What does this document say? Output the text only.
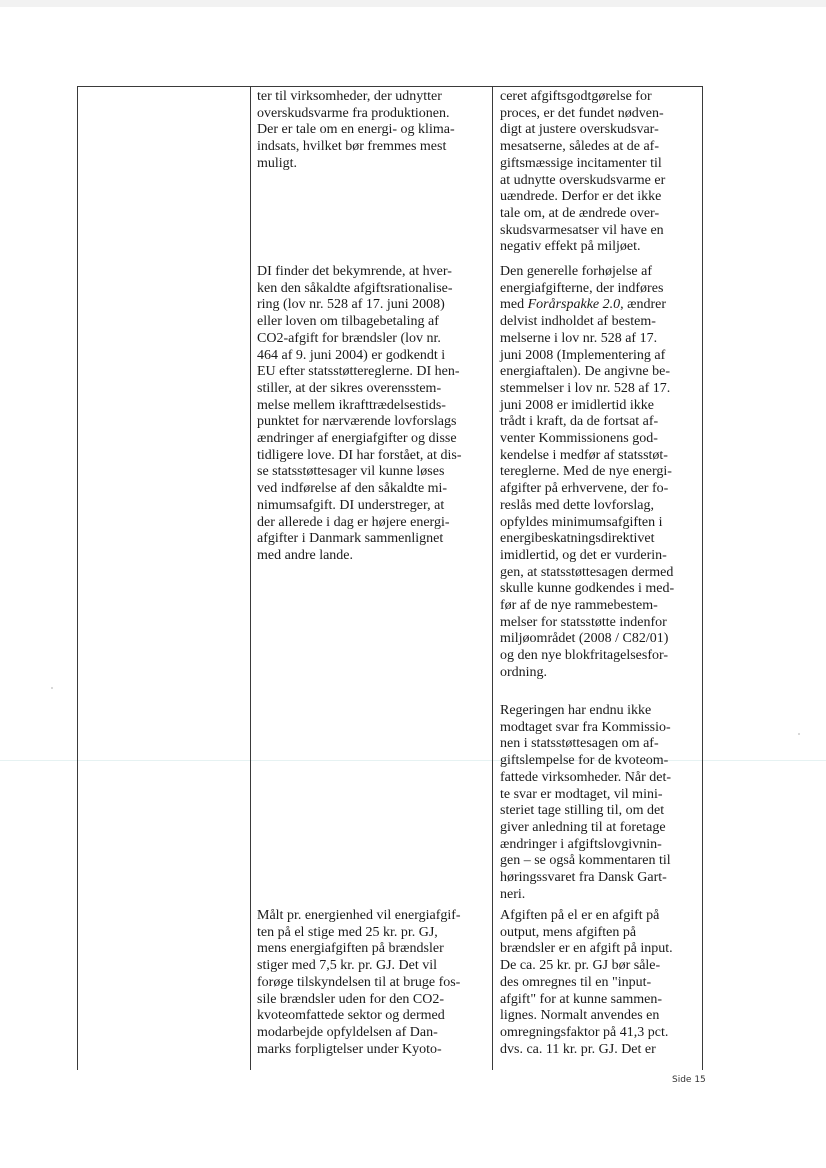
ter til virksomheder, der udnytter

overskudsvarme fra produktionen.

Der er tale om en energi- og klima-

indsats, hvilket bør fremmes mest

muligt.

ceret afgiftsgodtgørelse for

proces, er det fundet nødven-

digt at justere overskudsvar-

mesatserne, således at de af-

giftsmæssige incitamenter til

at udnytte overskudsvarme er

uændrede. Derfor er det ikke

tale om, at de ændrede over-

skudsvarmesatser vil have en

negativ effekt på miljøet.

DI finder det bekymrende, at hver-

ken den såkaldte afgiftsrationalise-

ring (lov nr. 528 af 17. juni 2008)

eller loven om tilbagebetaling af

CO2-afgift for brændsler (lov nr.

464 af 9. juni 2004) er godkendt i

EU efter statsstøttereglerne. DI hen-

stiller, at der sikres overensstem-

melse mellem ikrafttrædelsestids-

punktet for nærværende lovforslags

ændringer af energiafgifter og disse

tidligere love. DI har forstået, at dis-

se statsstøttesager vil kunne løses

ved indførelse af den såkaldte mi-

nimumsafgift. DI understreger, at

der allerede i dag er højere energi-

afgifter i Danmark sammenlignet

med andre lande.

Den generelle forhøjelse af

energiafgifterne, der indføres

med Forårspakke 2.0, ændrer

delvist indholdet af bestem-

melserne i lov nr. 528 af 17.

juni 2008 (Implementering af

energiaftalen). De angivne be-

stemmelser i lov nr. 528 af 17.

juni 2008 er imidlertid ikke

trådt i kraft, da de fortsat af-

venter Kommissionens god-

kendelse i medfør af statsstøt-

tereglerne. Med de nye energi-

afgifter på erhvervene, der fo-

reslås med dette lovforslag,

opfyldes minimumsafgiften i

energibeskatningsdirektivet

imidlertid, og det er vurderin-

gen, at statsstøttesagen dermed

skulle kunne godkendes i med-

før af de nye rammebestem-

melser for statsstøtte indenfor

miljøområdet (2008 / C82/01)

og den nye blokfritagelsesfor-

ordning.

Regeringen har endnu ikke

modtaget svar fra Kommissio-

nen i statsstøttesagen om af-

giftslempelse for de kvoteom-

fattede virksomheder. Når det-

te svar er modtaget, vil mini-

steriet tage stilling til, om det

giver anledning til at foretage

ændringer i afgiftslovgivnin-

gen – se også kommentaren til

høringssvaret fra Dansk Gart-

neri.

Målt pr. energienhed vil energiafgif-

ten på el stige med 25 kr. pr. GJ,

mens energiafgiften på brændsler

stiger med 7,5 kr. pr. GJ. Det vil

forøge tilskyndelsen til at bruge fos-

sile brændsler uden for den CO2-

kvoteomfattede sektor og dermed

modarbejde opfyldelsen af Dan-

marks forpligtelser under Kyoto-

Afgiften på el er en afgift på

output, mens afgiften på

brændsler er en afgift på input.

De ca. 25 kr. pr. GJ bør såle-

des omregnes til en "input-

afgift" for at kunne sammen-

lignes. Normalt anvendes en

omregningsfaktor på 41,3 pct.

dvs. ca. 11 kr. pr. GJ. Det er

Side 15
